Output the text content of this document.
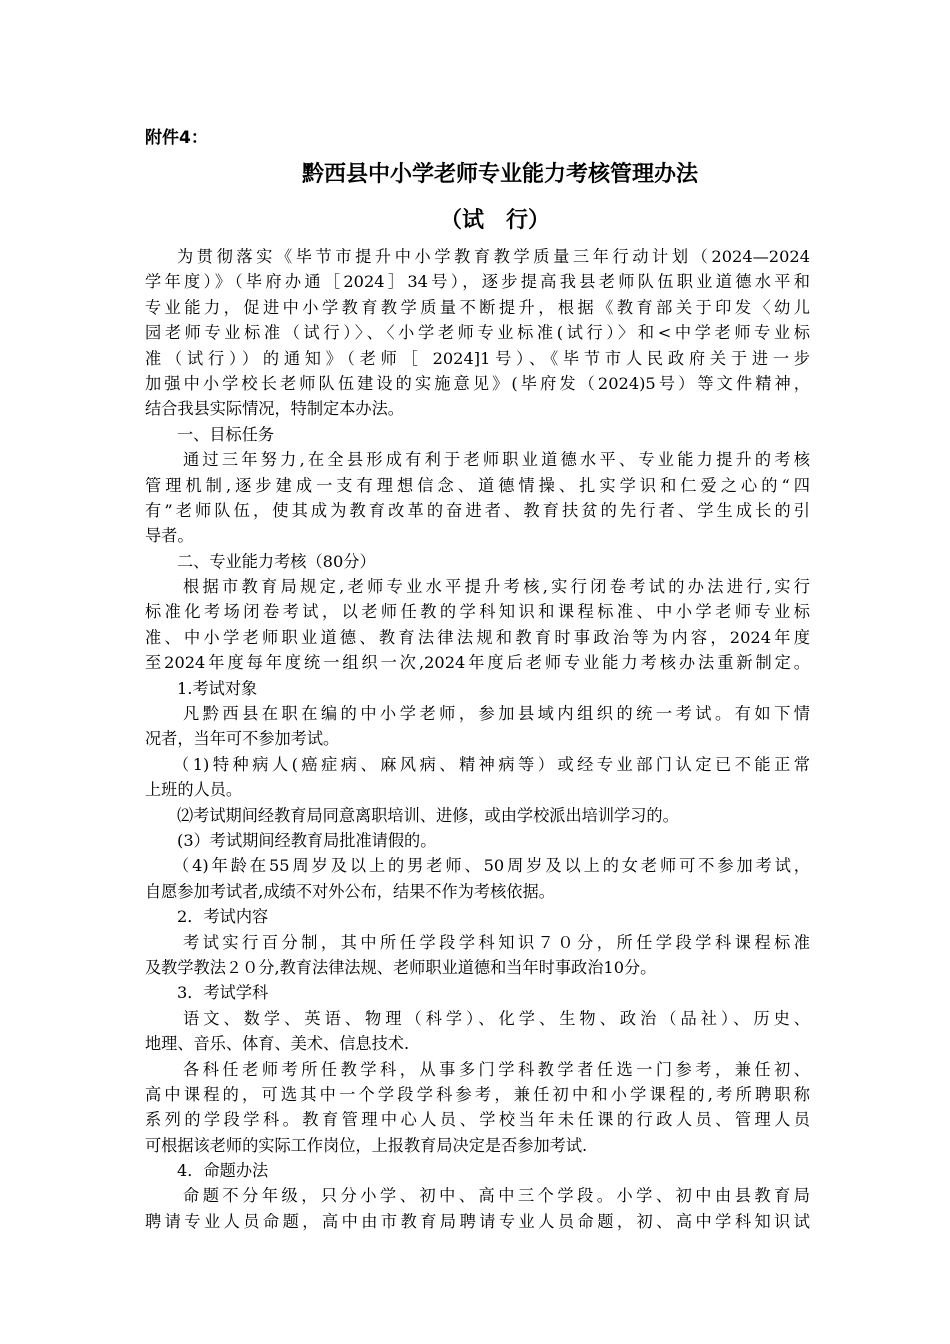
附件4：
黔西县中小学老师专业能力考核管理办法
（试　行）
为贯彻落实《毕节市提升中小学教育教学质量三年行动计划（2024—2024
学年度）》（毕府办通［2024］34号），逐步提高我县老师队伍职业道德水平和
专业能力，促进中小学教育教学质量不断提升，根据《教育部关于印发〈幼儿
园老师专业标准（试行）〉、〈小学老师专业标准(试行）〉和<中学老师专业标
准（试行））的通知》（老师［ 2024]1号）、《毕节市人民政府关于进一步
加强中小学校长老师队伍建设的实施意见》(毕府发（2024)5号）等文件精神，
结合我县实际情况，特制定本办法。
一、目标任务
通过三年努力,在全县形成有利于老师职业道德水平、专业能力提升的考核
管理机制,逐步建成一支有理想信念、道德情操、扎实学识和仁爱之心的“四
有”老师队伍，使其成为教育改革的奋进者、教育扶贫的先行者、学生成长的引
导者。
二、专业能力考核（80分）
根据市教育局规定,老师专业水平提升考核,实行闭卷考试的办法进行,实行
标准化考场闭卷考试，以老师任教的学科知识和课程标准、中小学老师专业标
准、中小学老师职业道德、教育法律法规和教育时事政治等为内容，2024年度
至2024年度每年度统一组织一次,2024年度后老师专业能力考核办法重新制定。
1.考试对象
凡黔西县在职在编的中小学老师，参加县域内组织的统一考试。有如下情
况者，当年可不参加考试。
（1)特种病人(癌症病、麻风病、精神病等）或经专业部门认定已不能正常
上班的人员。
⑵考试期间经教育局同意离职培训、进修，或由学校派出培训学习的。
(3）考试期间经教育局批准请假的。
（4)年龄在55周岁及以上的男老师、50周岁及以上的女老师可不参加考试，
自愿参加考试者,成绩不对外公布，结果不作为考核依据。
2．考试内容
考试实行百分制，其中所任学段学科知识７０分，所任学段学科课程标准
及教学教法２０分,教育法律法规、老师职业道德和当年时事政治10分。
3．考试学科
语文、数学、英语、物理（科学）、化学、生物、政治（品社）、历史、
地理、音乐、体育、美术、信息技术.
各科任老师考所任教学科，从事多门学科教学者任选一门参考，兼任初、
高中课程的，可选其中一个学段学科参考，兼任初中和小学课程的,考所聘职称
系列的学段学科。教育管理中心人员、学校当年未任课的行政人员、管理人员
可根据该老师的实际工作岗位，上报教育局决定是否参加考试.
4．命题办法
命题不分年级，只分小学、初中、高中三个学段。小学、初中由县教育局
聘请专业人员命题，高中由市教育局聘请专业人员命题，初、高中学科知识试
